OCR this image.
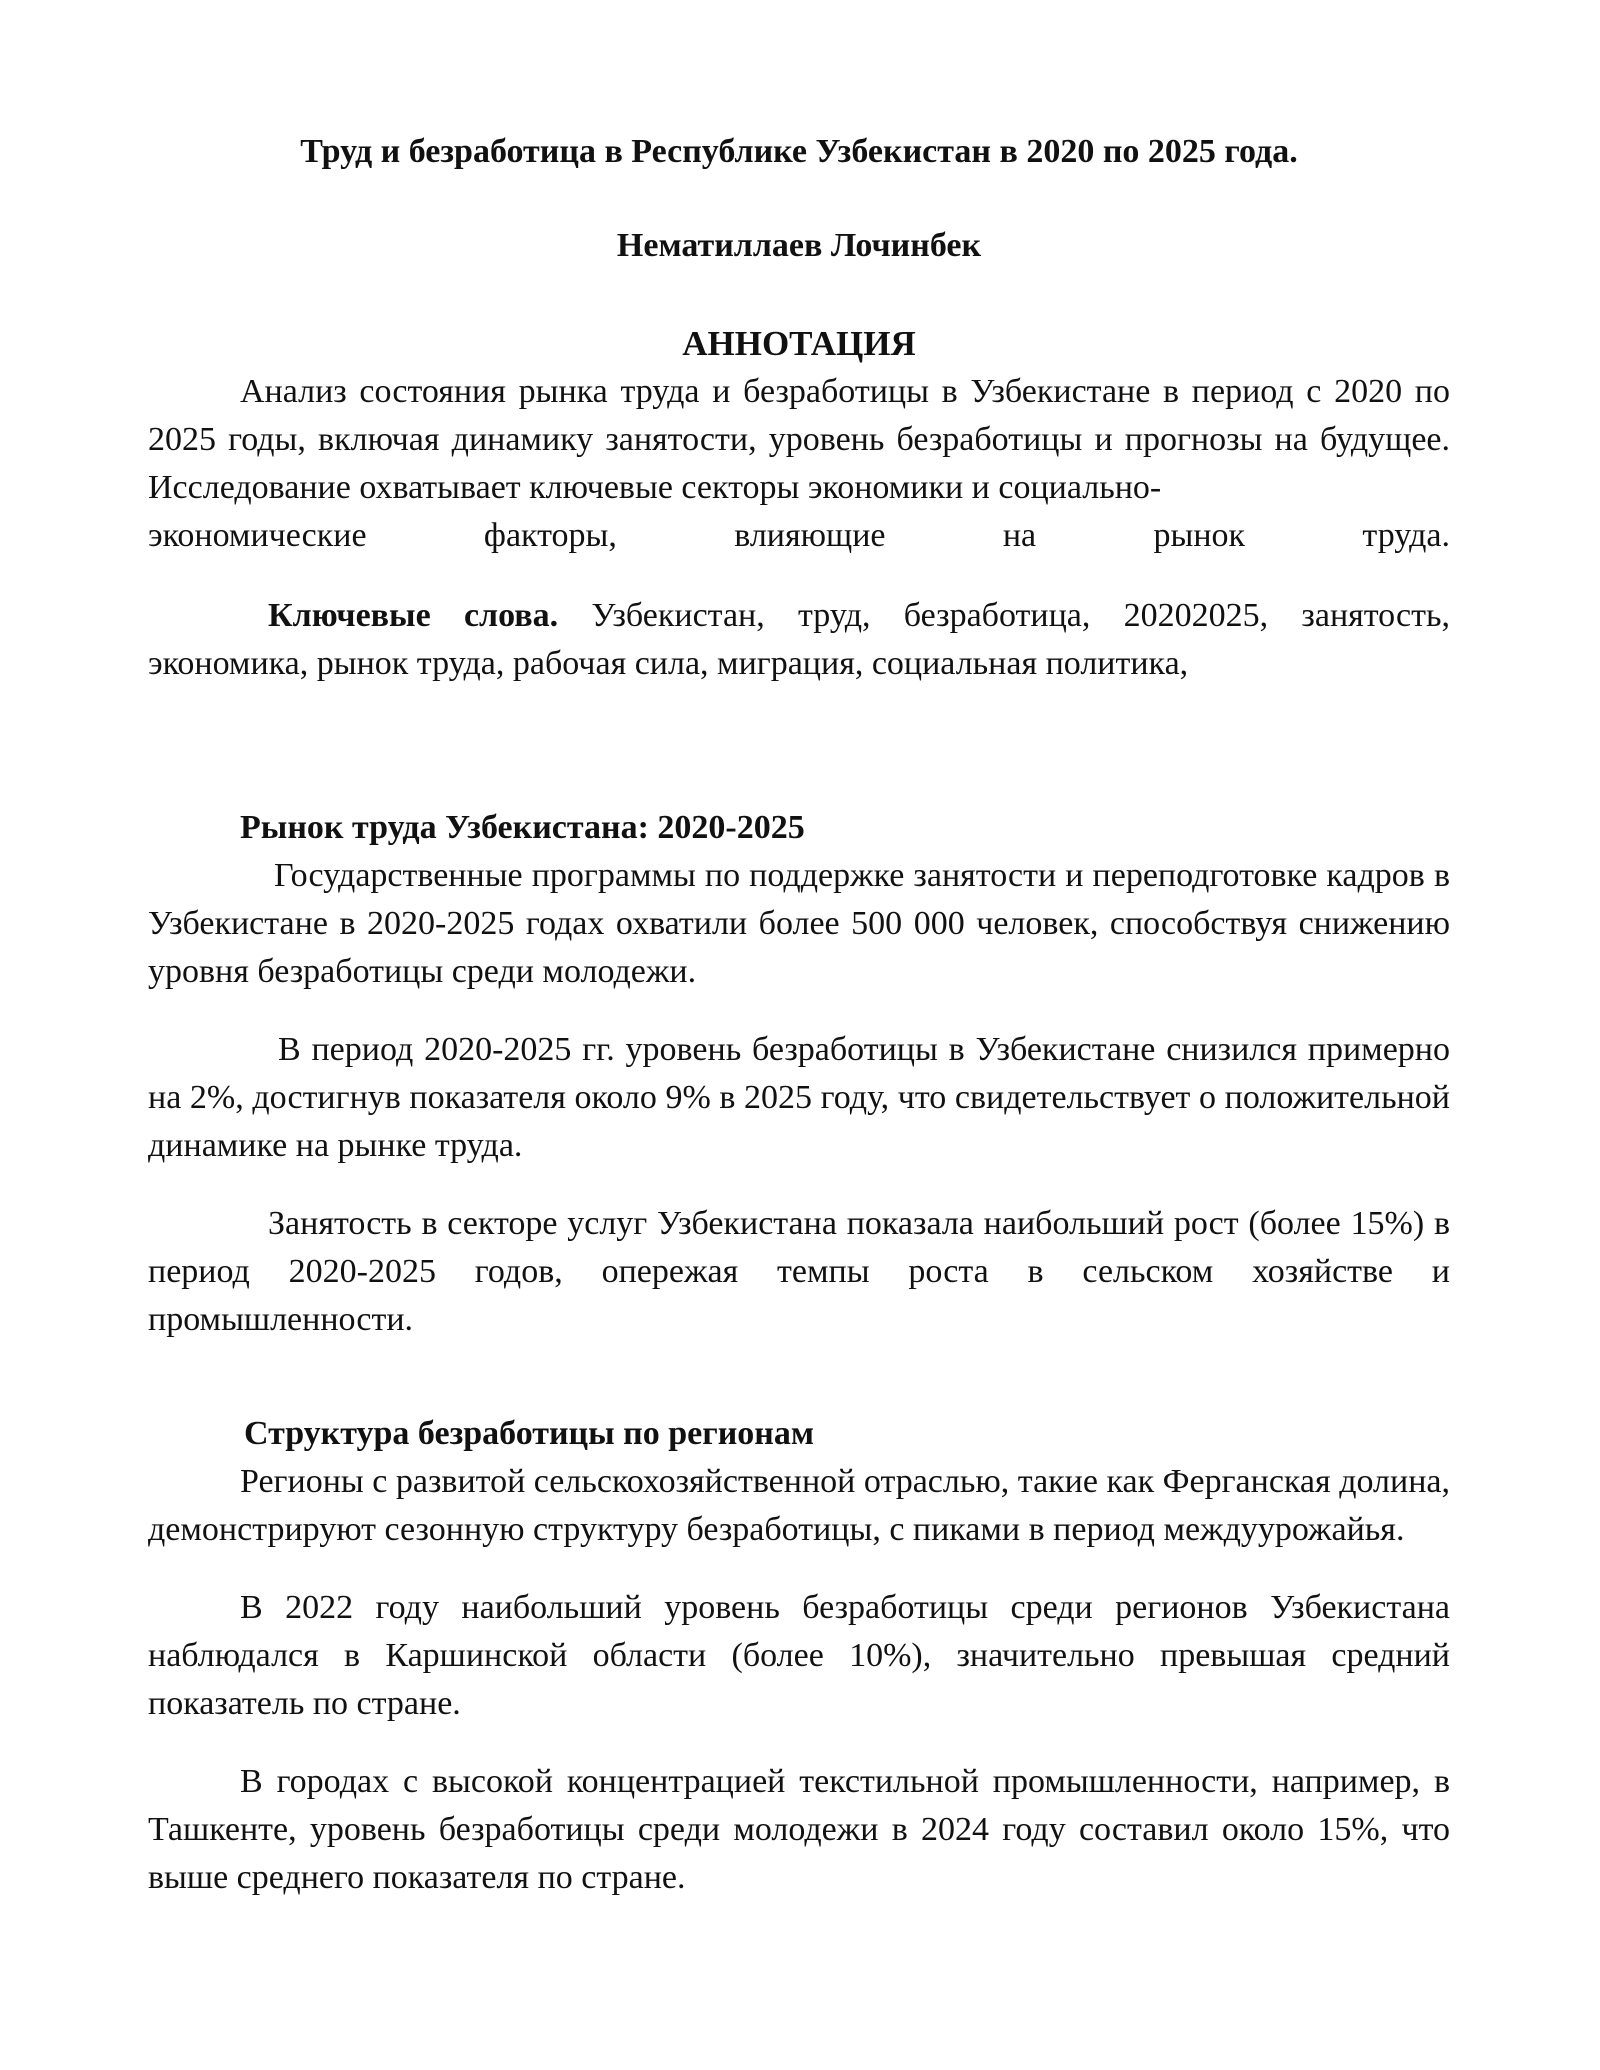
Труд и безработица в Республике Узбекистан в 2020 по 2025 года.

Нематиллаев Лочинбек

АННОТАЦИЯ

Анализ состояния рынка труда и безработицы в Узбекистане в период с 2020 по 2025 годы, включая динамику занятости, уровень безработицы и прогнозы на будущее. Исследование охватывает ключевые секторы экономики и социально-

экономические факторы, влияющие на рынок труда.

Ключевые слова. Узбекистан, труд, безработица, 20202025, занятость, экономика, рынок труда, рабочая сила, миграция, социальная политика,

Рынок труда Узбекистана: 2020-2025

Государственные программы по поддержке занятости и переподготовке кадров в Узбекистане в 2020-2025 годах охватили более 500 000 человек, способствуя снижению уровня безработицы среди молодежи.

В период 2020-2025 гг. уровень безработицы в Узбекистане снизился примерно на 2%, достигнув показателя около 9% в 2025 году, что свидетельствует о положительной динамике на рынке труда.

Занятость в секторе услуг Узбекистана показала наибольший рост (более 15%) в период 2020-2025 годов, опережая темпы роста в сельском хозяйстве и промышленности.

Структура безработицы по регионам

Регионы с развитой сельскохозяйственной отраслью, такие как Ферганская долина, демонстрируют сезонную структуру безработицы, с пиками в период междуурожайья.

В 2022 году наибольший уровень безработицы среди регионов Узбекистана наблюдался в Каршинской области (более 10%), значительно превышая средний показатель по стране.

В городах с высокой концентрацией текстильной промышленности, например, в Ташкенте, уровень безработицы среди молодежи в 2024 году составил около 15%, что выше среднего показателя по стране.
